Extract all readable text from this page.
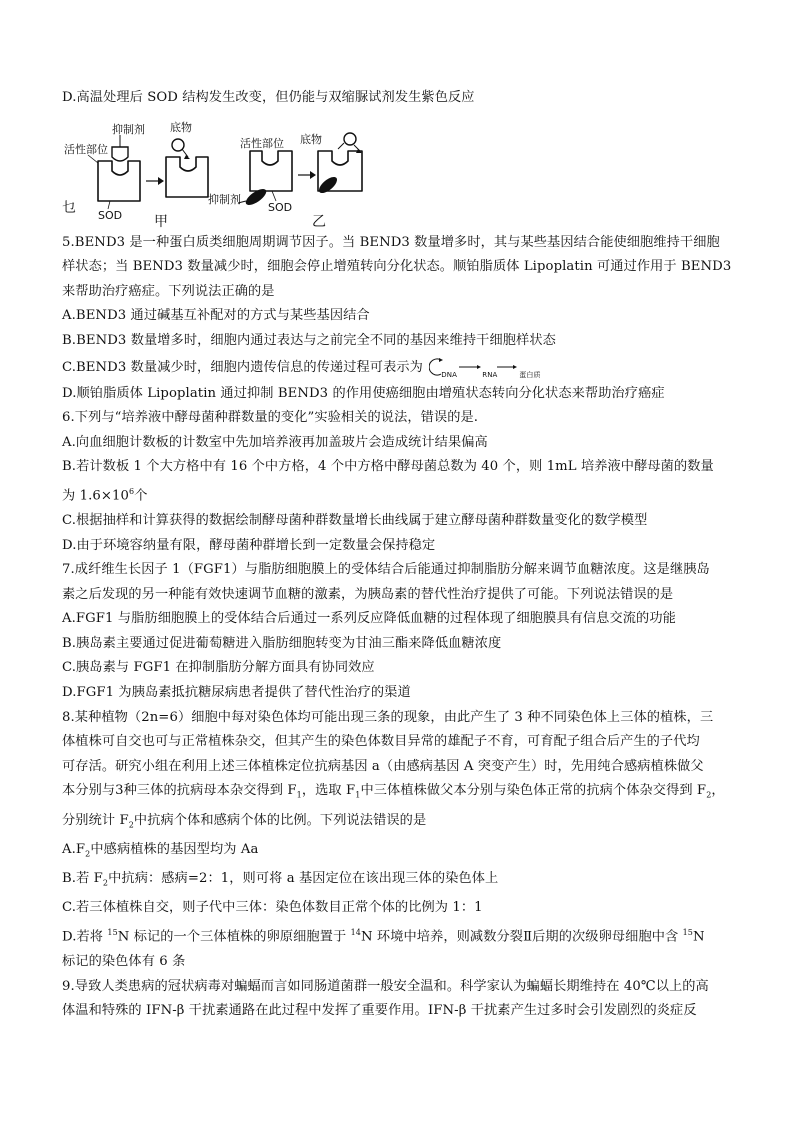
D.高温处理后 SOD 结构发生改变，但仍能与双缩脲试剂发生紫色反应
抑制剂 底物
活性部位
SOD
抑制剂
活性部位 底物
SOD
乜
甲	乙
5.BEND3 是一种蛋白质类细胞周期调节因子。当 BEND3 数量增多时，其与某些基因结合能使细胞维持干细胞
样状态；当 BEND3 数量减少时，细胞会停止增殖转向分化状态。顺铂脂质体 Lipoplatin 可通过作用于 BEND3
来帮助治疗癌症。下列说法正确的是
A.BEND3 通过碱基互补配对的方式与某些基因结合
B.BEND3 数量增多时，细胞内通过表达与之前完全不同的基因来维持干细胞样状态
C.BEND3 数量减少时，细胞内遗传信息的传递过程可表示为
DNA	RNA	蛋白质
D.顺铂脂质体 Lipoplatin 通过抑制 BEND3 的作用使癌细胞由增殖状态转向分化状态来帮助治疗癌症
6.下列与“培养液中酵母菌种群数量的变化”实验相关的说法，错误的是.
A.向血细胞计数板的计数室中先加培养液再加盖玻片会造成统计结果偏高
B.若计数板 1 个大方格中有 16 个中方格，4 个中方格中酵母菌总数为 40 个，则 1mL 培养液中酵母菌的数量
为 $1.6\times 10^6$个
C.根据抽样和计算获得的数据绘制酵母菌种群数量增长曲线属于建立酵母菌种群数量变化的数学模型
D.由于环境容纳量有限，酵母菌种群增长到一定数量会保持稳定
7.成纤维生长因子 1（FGF1）与脂肪细胞膜上的受体结合后能通过抑制脂肪分解来调节血糖浓度。这是继胰岛
素之后发现的另一种能有效快速调节血糖的激素，为胰岛素的替代性治疗提供了可能。下列说法错误的是
A.FGF1 与脂肪细胞膜上的受体结合后通过一系列反应降低血糖的过程体现了细胞膜具有信息交流的功能
B.胰岛素主要通过促进葡萄糖进入脂肪细胞转变为甘油三酯来降低血糖浓度
C.胰岛素与 FGF1 在抑制脂肪分解方面具有协同效应
D.FGF1 为胰岛素抵抗糖尿病患者提供了替代性治疗的渠道
8.某种植物（2n=6）细胞中每对染色体均可能出现三条的现象，由此产生了 3 种不同染色体上三体的植株，三
体植株可自交也可与正常植株杂交，但其产生的染色体数目异常的雄配子不育，可育配子组合后产生的子代均
可存活。研究小组在利用上述三体植株定位抗病基因 a（由感病基因 A 突变产生）时，先用纯合感病植株做父
本分别与3种三体的抗病母本杂交得到 $F_1$，选取 $F_1$中三体植株做父本分别与染色体正常的抗病个体杂交得到 $F_2$，
分别统计 $F_2$中抗病个体和感病个体的比例。下列说法错误的是
$A.F_2$中感病植株的基因型均为 Aa
B.若 $F_2$中抗病：感病=2：1，则可将 a 基因定位在该出现三体的染色体上
C.若三体植株自交，则子代中三体：染色体数目正常个体的比例为 1：1
D.若将 $^{15}$N 标记的一个三体植株的卵原细胞置于 $^{14}$N 环境中培养，则减数分裂Ⅱ后期的次级卵母细胞中含 $^{15}$N
标记的染色体有 6 条
9.导致人类患病的冠状病毒对蝙蝠而言如同肠道菌群一般安全温和。科学家认为蝙蝠长期维持在 40℃以上的高
体温和特殊的 IFN-β 干扰素通路在此过程中发挥了重要作用。IFN-β 干扰素产生过多时会引发剧烈的炎症反
